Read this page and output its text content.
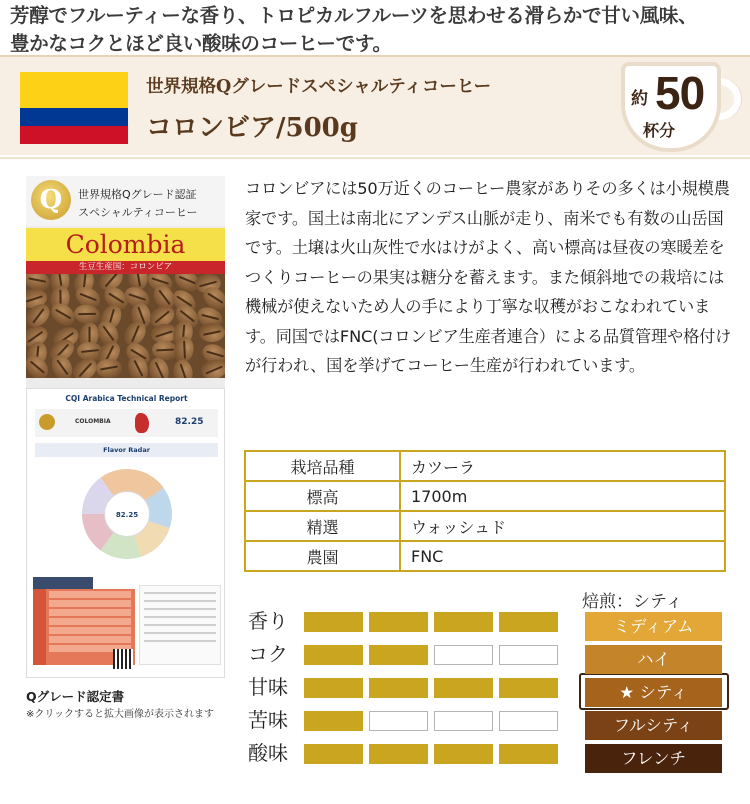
芳醇でフルーティーな香り、トロピカルフルーツを思わせる滑らかで甘い風味、
豊かなコクとほど良い酸味のコーヒーです。
世界規格Qグレードスペシャルティコーヒー
コロンビア/500g
約 50
杯分
Q	世界規格Qグレード認証
スペシャルティコーヒー
Colombia
生豆生産国：コロンビア
CQI Arabica Technical Report
COLOMBIA	82.25
Flavor Radar
82.25
Qグレード認定書
※クリックすると拡大画像が表示されます
コロンビアには50万近くのコーヒー農家がありその多くは小規模農家です。国土は南北にアンデス山脈が走り、南米でも有数の山岳国です。土壌は火山灰性で水はけがよく、高い標高は昼夜の寒暖差をつくりコーヒーの果実は糖分を蓄えます。また傾斜地での栽培には機械が使えないため人の手により丁寧な収穫がおこなわれています。同国ではFNC(コロンビア生産者連合）による品質管理や格付けが行われ、国を挙げてコーヒー生産が行われています。
栽培品種	カツーラ
標高	1700m
精選	ウォッシュド
農園	FNC
香り
コク
甘味
苦味
酸味
焙煎：シティ
ミディアム
ハイ
★ シティ
フルシティ
フレンチ
